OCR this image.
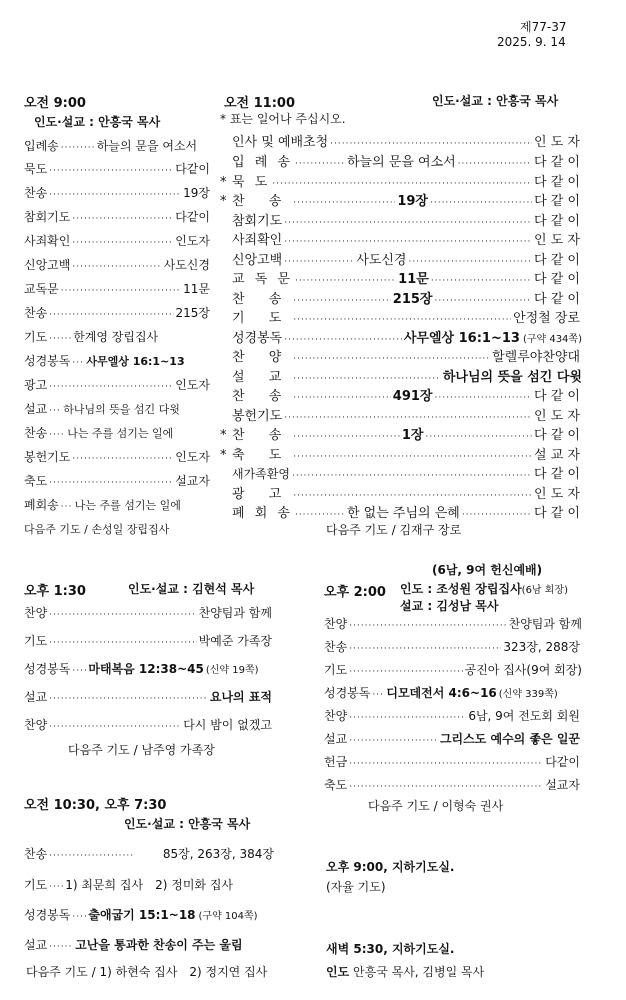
제77-37
2025. 9. 14
오전 9:00
인도·설교 : 안흥국 목사
입례송 ·····	하늘의 문을 여소서
묵도 ·····	다같이
찬송 ·····	19장
참회기도 ·····	다같이
사죄확인 ·····	인도자
신앙고백 ·····	사도신경
교독문 ·····	11문
찬송 ·····	215장
기도 ····· 한계영 장립집사
성경봉독 ····· 사무엘상 16:1~13
광고 ·····	인도자
설교 ····· 하나님의 뜻을 섬긴 다윗
찬송 ····· 나는 주를 섬기는 일에
봉헌기도 ·····	인도자
축도 ·····	설교자
폐회송 ····· 나는 주를 섬기는 일에
다음주 기도 / 손성일 장립집사
오전 11:00	인도·설교 : 안흥국 목사
* 표는 일어나 주십시오.
인사 및 예배초청 ·····	인 도 자
입 례 송 ·····	하늘의 문을 여소서 ·····	다 같 이
* 묵 도 ·····	다 같 이
* 찬 송 ·····	19장 ·····	다 같 이
참회기도 ·····	다 같 이
사죄확인 ·····	인 도 자
신앙고백 ·····	사도신경 ·····	다 같 이
교 독 문 ·····	11문 ·····	다 같 이
찬 송 ·····	215장 ·····	다 같 이
기 도 ·····	안정철 장로
성경봉독 ·····	사무엘상 16:1~13 (구약 434쪽)
찬 양 ·····	할렐루야찬양대
설 교 ·····	하나님의 뜻을 섬긴 다윗
찬 송 ·····	491장 ·····	다 같 이
봉헌기도 ·····	인 도 자
* 찬 송 ·····	1장 ·····	다 같 이
* 축 도 ·····	설 교 자
새가족환영 ·····	다 같 이
광 고 ·····	인 도 자
폐 회 송 ·····	한 없는 주님의 은혜 ·····	다 같 이
다음주 기도 / 김재구 장로
오후 1:30	인도·설교 : 김현석 목사
찬양 ·····	찬양팀과 함께
기도 ·····	박예준 가족장
성경봉독 ····· 마태복음 12:38~45 (신약 19쪽)
설교 ·····	요나의 표적
찬양 ·····	다시 밤이 없겠고
다음주 기도 / 남주영 가족장
(6남, 9여 헌신예배)
오후 2:00 인도 : 조성원 장립집사(6남 회장)
설교 : 김성남 목사
찬양 ·····	찬양팀과 함께
찬송 ·····	323장, 288장
기도 ·····	공진아 집사(9여 회장)
성경봉독 ····· 디모데전서 4:6~16 (신약 339쪽)
찬양 ·····	6남, 9여 전도회 회원
설교 ·····	그리스도 예수의 좋은 일꾼
헌금 ·····	다같이
축도 ·····	설교자
다음주 기도 / 이형숙 권사
오전 10:30, 오후 7:30
인도·설교 : 안흥국 목사
찬송 ·····	85장, 263장, 384장
기도 ····· 1) 최문희 집사　2) 정미화 집사
성경봉독 ····· 출애굽기 15:1~18 (구약 104쪽)
설교 ····· 고난을 통과한 찬송이 주는 울림
다음주 기도 / 1) 하현숙 집사　2) 정지연 집사
오후 9:00, 지하기도실.
(자율 기도)
새벽 5:30, 지하기도실.
인도 안흥국 목사, 김병일 목사
